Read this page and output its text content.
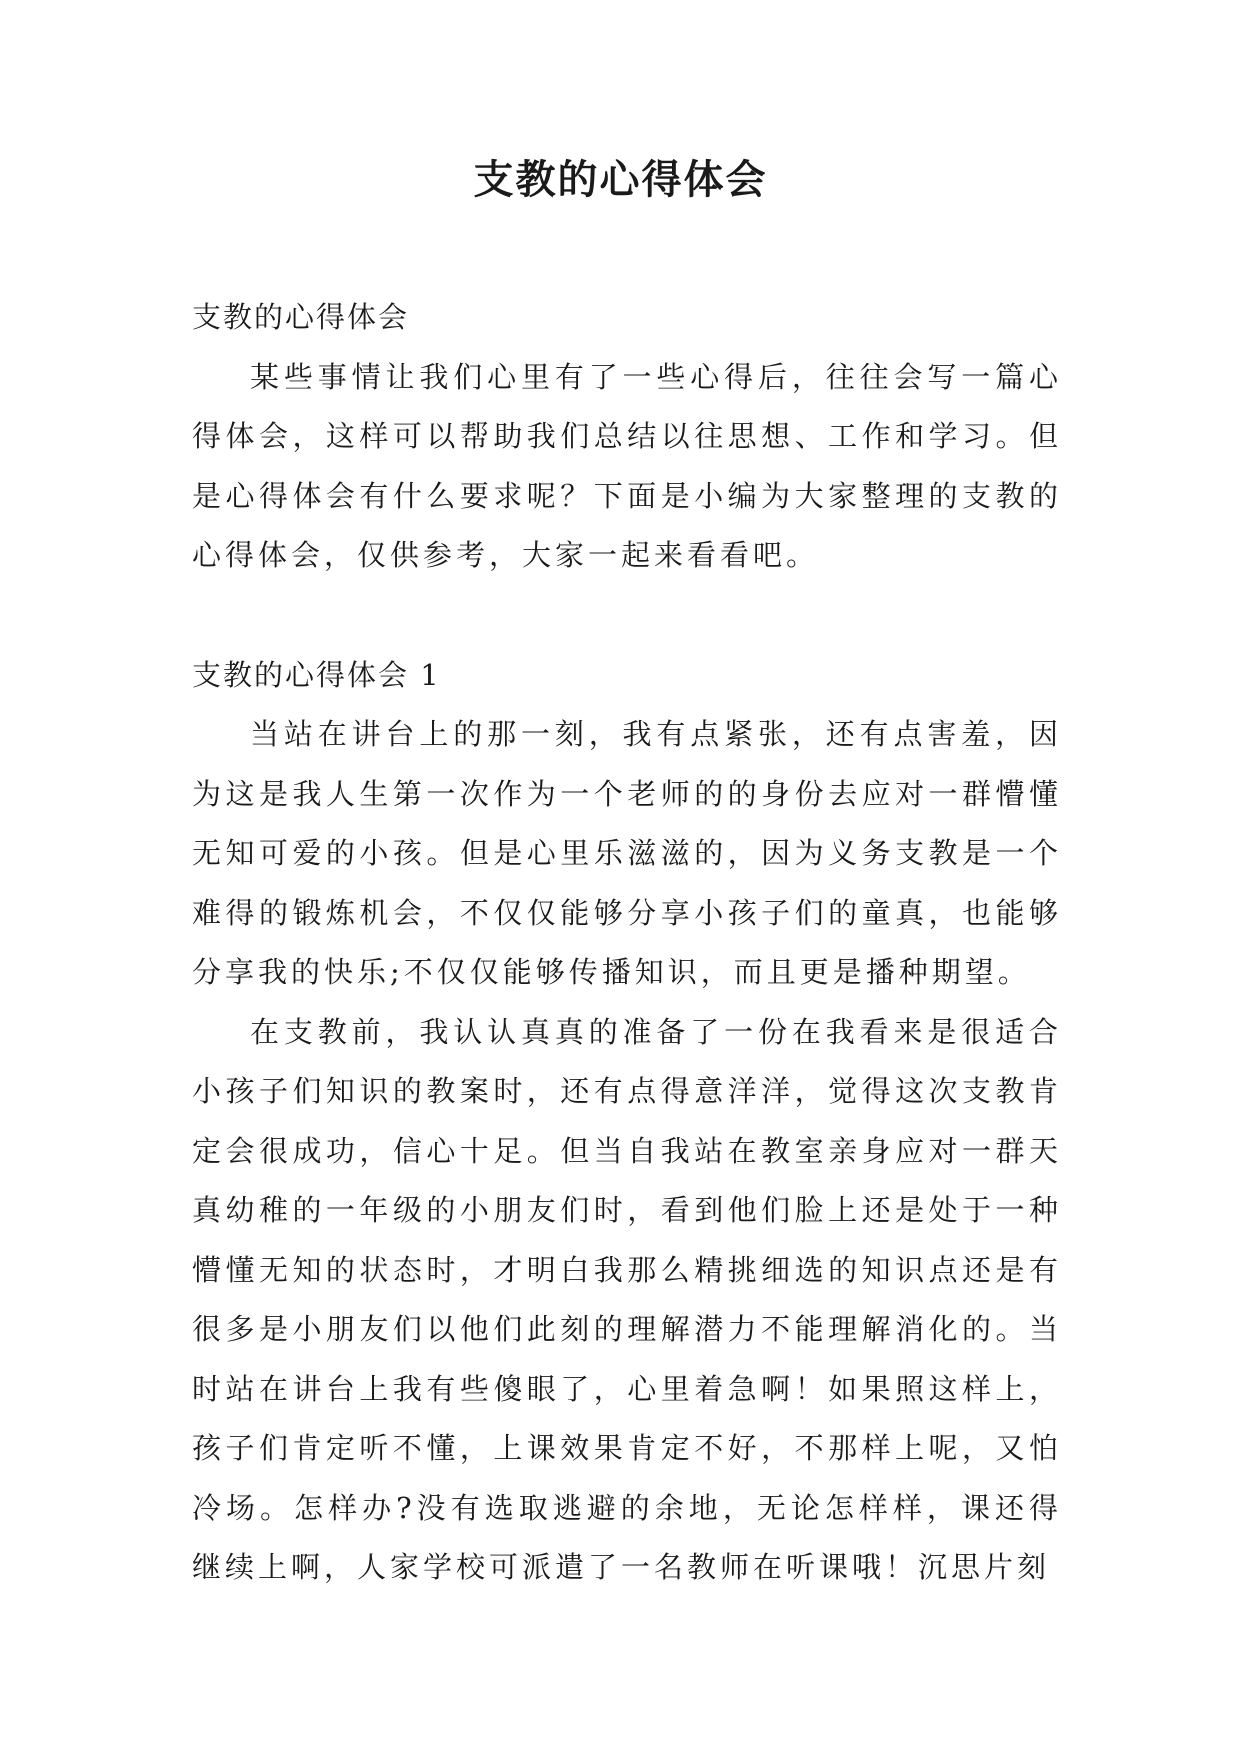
支教的心得体会

支教的心得体会

某些事情让我们心里有了一些心得后，往往会写一篇心得体会，这样可以帮助我们总结以往思想、工作和学习。但是心得体会有什么要求呢？下面是小编为大家整理的支教的心得体会，仅供参考，大家一起来看看吧。

支教的心得体会 1

当站在讲台上的那一刻，我有点紧张，还有点害羞，因为这是我人生第一次作为一个老师的的身份去应对一群懵懂无知可爱的小孩。但是心里乐滋滋的，因为义务支教是一个难得的锻炼机会，不仅仅能够分享小孩子们的童真，也能够分享我的快乐;不仅仅能够传播知识，而且更是播种期望。

在支教前，我认认真真的准备了一份在我看来是很适合小孩子们知识的教案时，还有点得意洋洋，觉得这次支教肯定会很成功，信心十足。但当自我站在教室亲身应对一群天真幼稚的一年级的小朋友们时，看到他们脸上还是处于一种懵懂无知的状态时，才明白我那么精挑细选的知识点还是有很多是小朋友们以他们此刻的理解潜力不能理解消化的。当时站在讲台上我有些傻眼了，心里着急啊！如果照这样上，孩子们肯定听不懂，上课效果肯定不好，不那样上呢，又怕冷场。怎样办?没有选取逃避的余地，无论怎样样，课还得继续上啊，人家学校可派遣了一名教师在听课哦！沉思片刻
